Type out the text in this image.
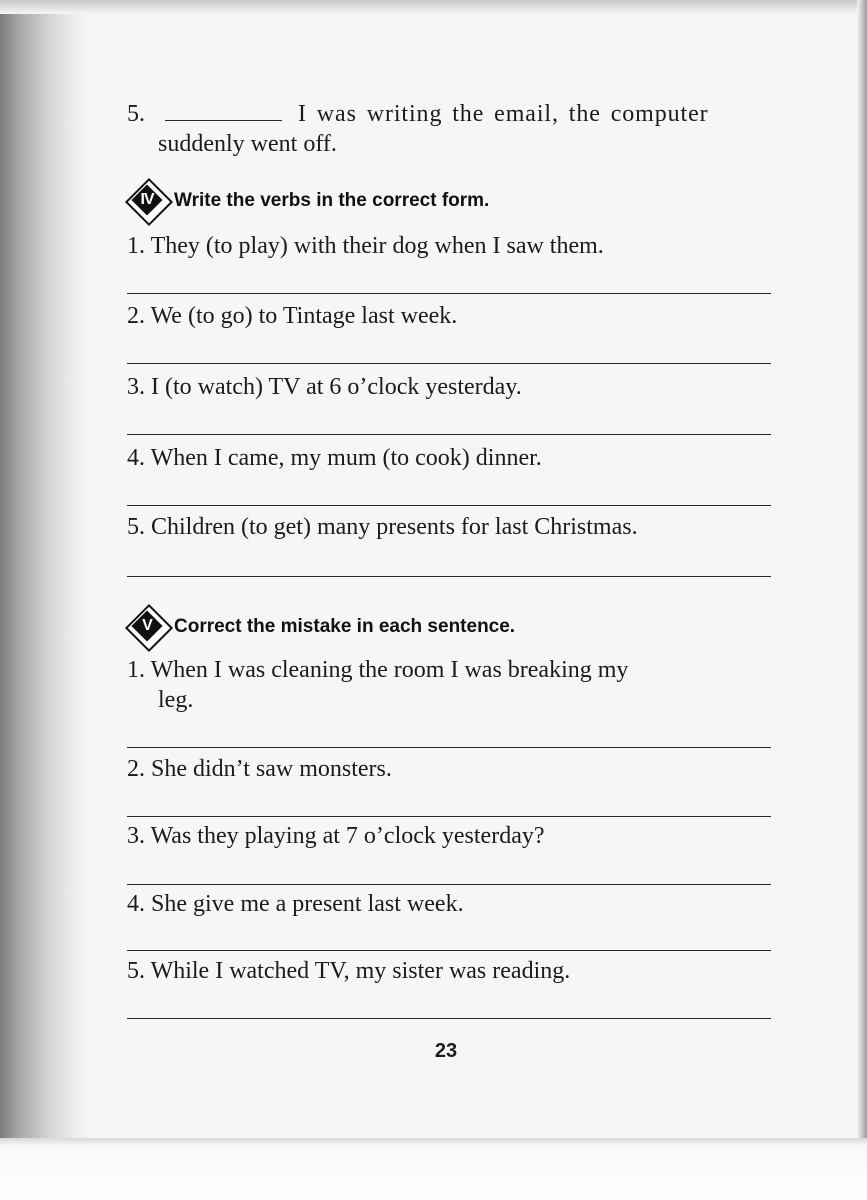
5.	I was writing the email, the computer
suddenly went off.
IV	Write the verbs in the correct form.
1. They (to play) with their dog when I saw them.
2. We (to go) to Tintage last week.
3. I (to watch) TV at 6 o’clock yesterday.
4. When I came, my mum (to cook) dinner.
5. Children (to get) many presents for last Christmas.
V	Correct the mistake in each sentence.
1. When I was cleaning the room I was breaking my
leg.
2. She didn’t saw monsters.
3. Was they playing at 7 o’clock yesterday?
4. She give me a present last week.
5. While I watched TV, my sister was reading.
23
